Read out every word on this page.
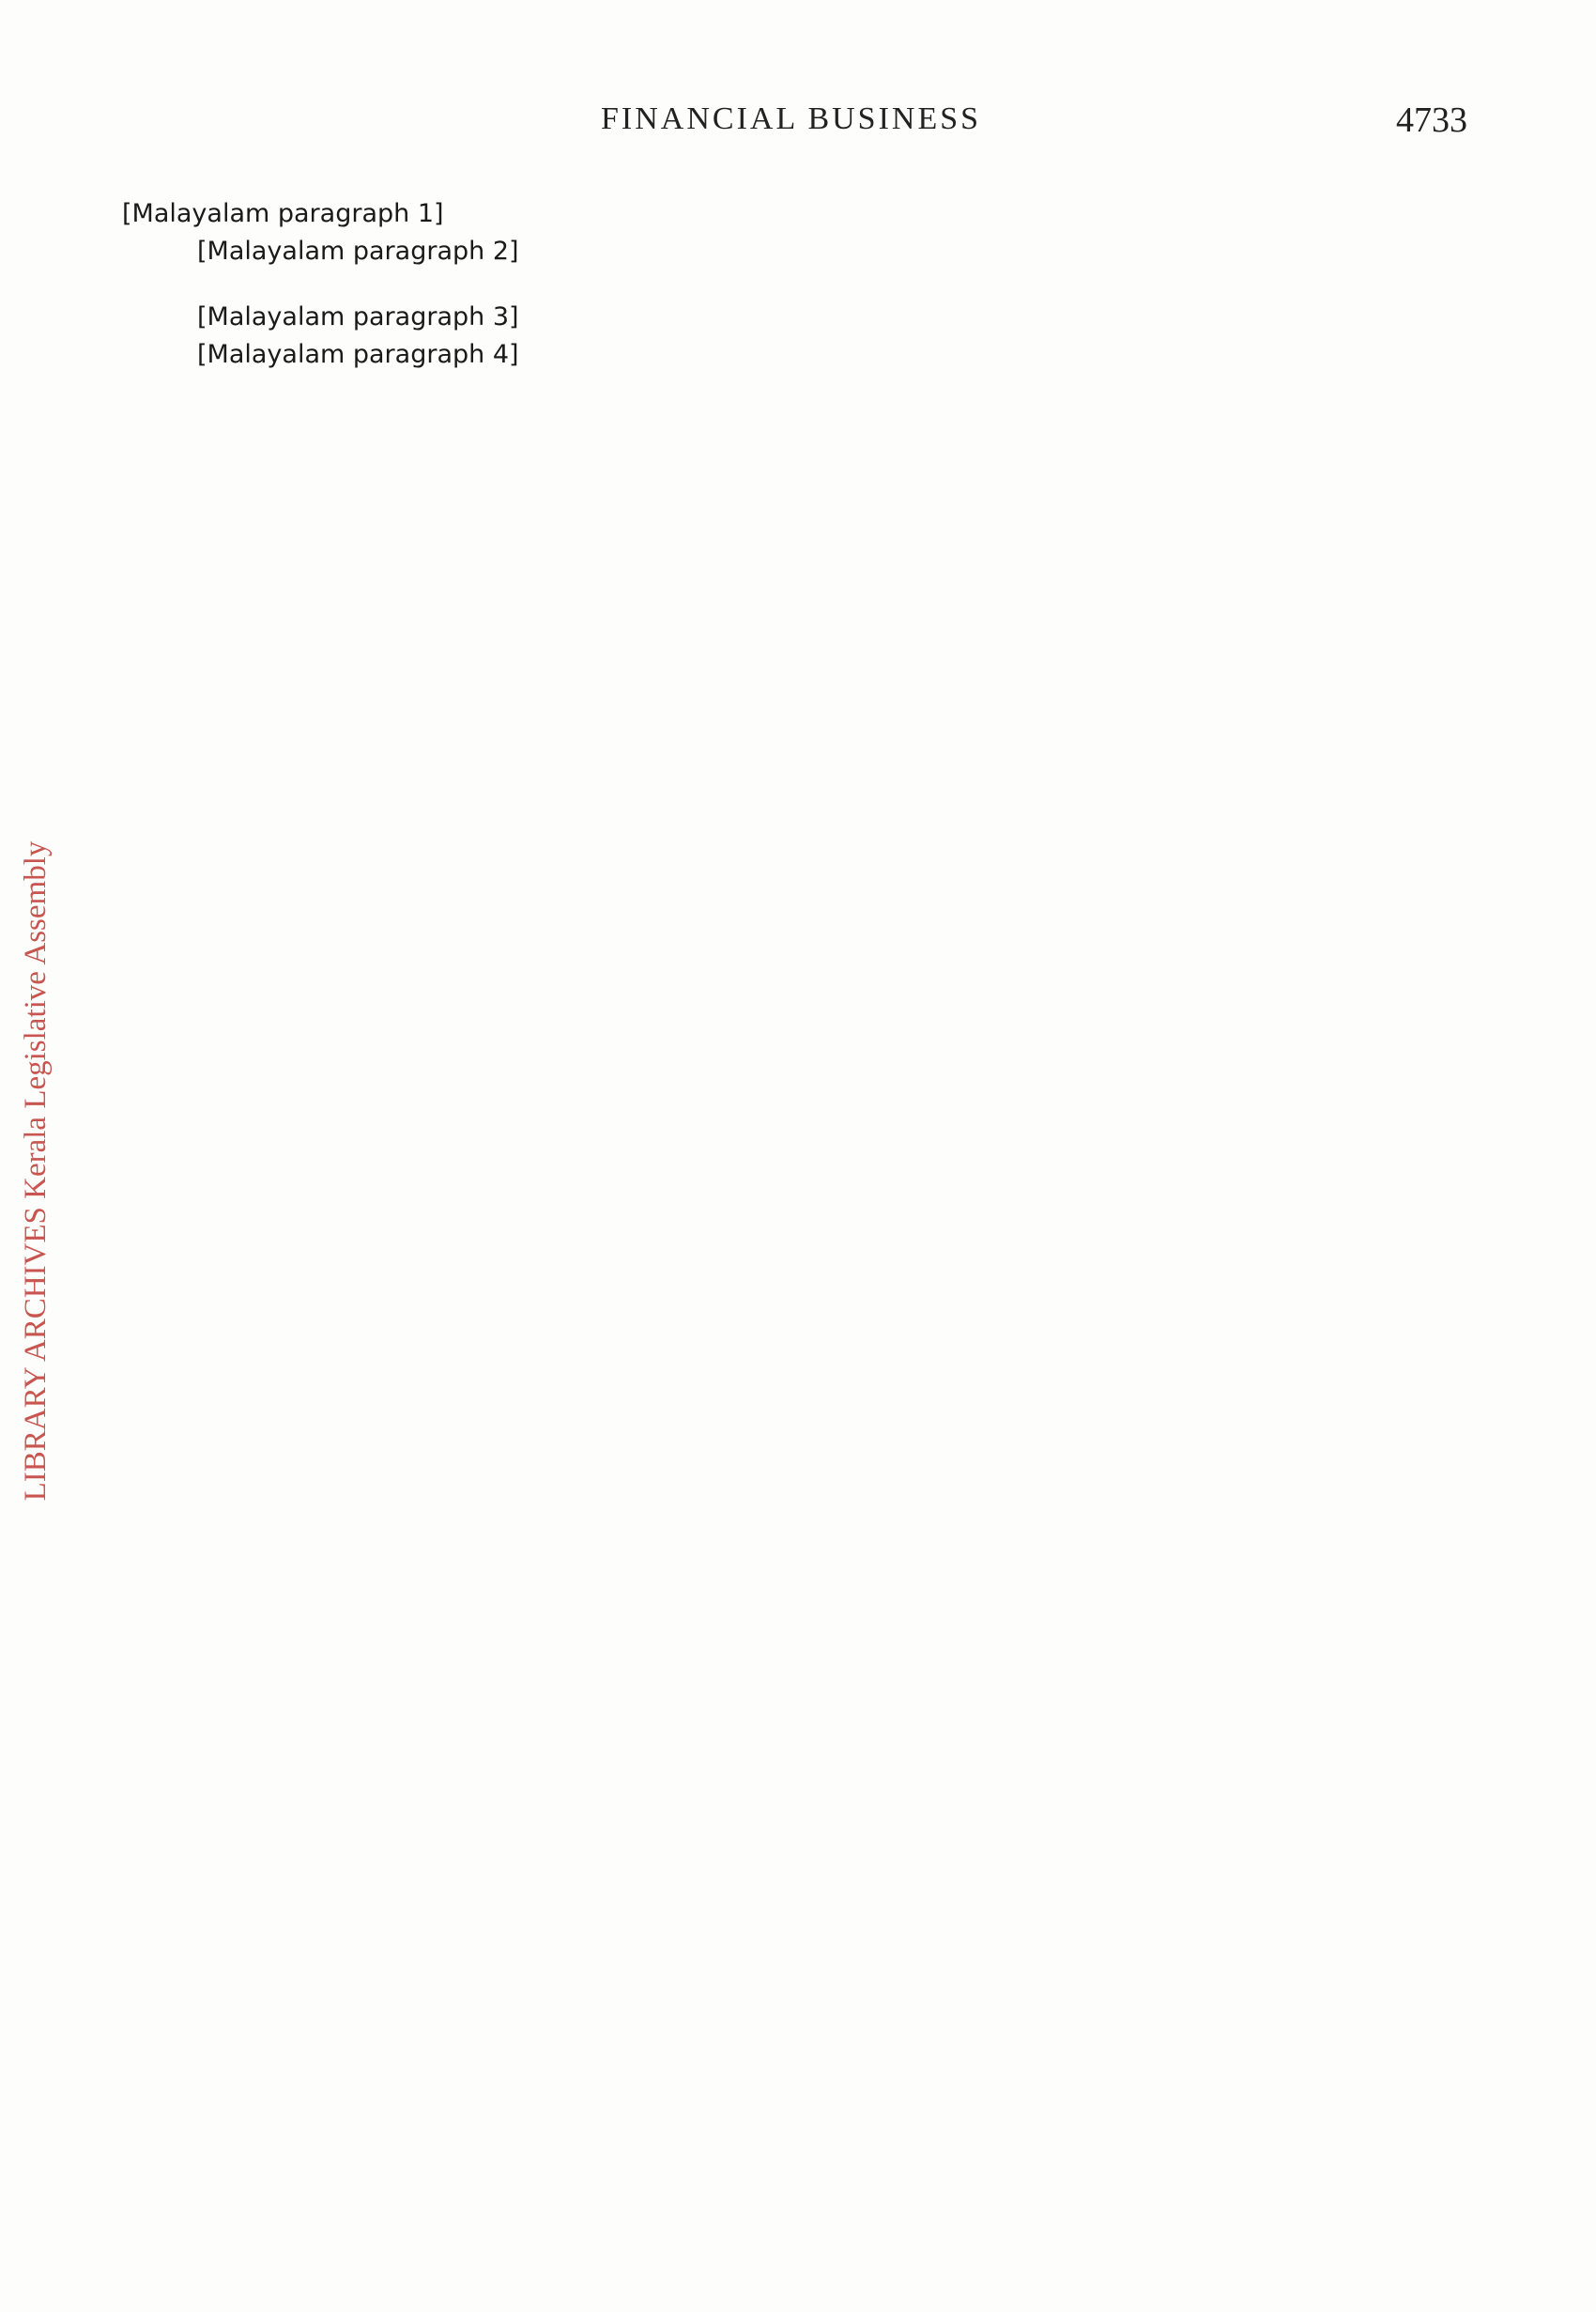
FINANCIAL BUSINESS	4733
LIBRARY ARCHIVES Kerala Legislative Assembly

[Malayalam paragraph 1]

[Malayalam paragraph 2]

[Malayalam paragraph 3]

[Malayalam paragraph 4]
